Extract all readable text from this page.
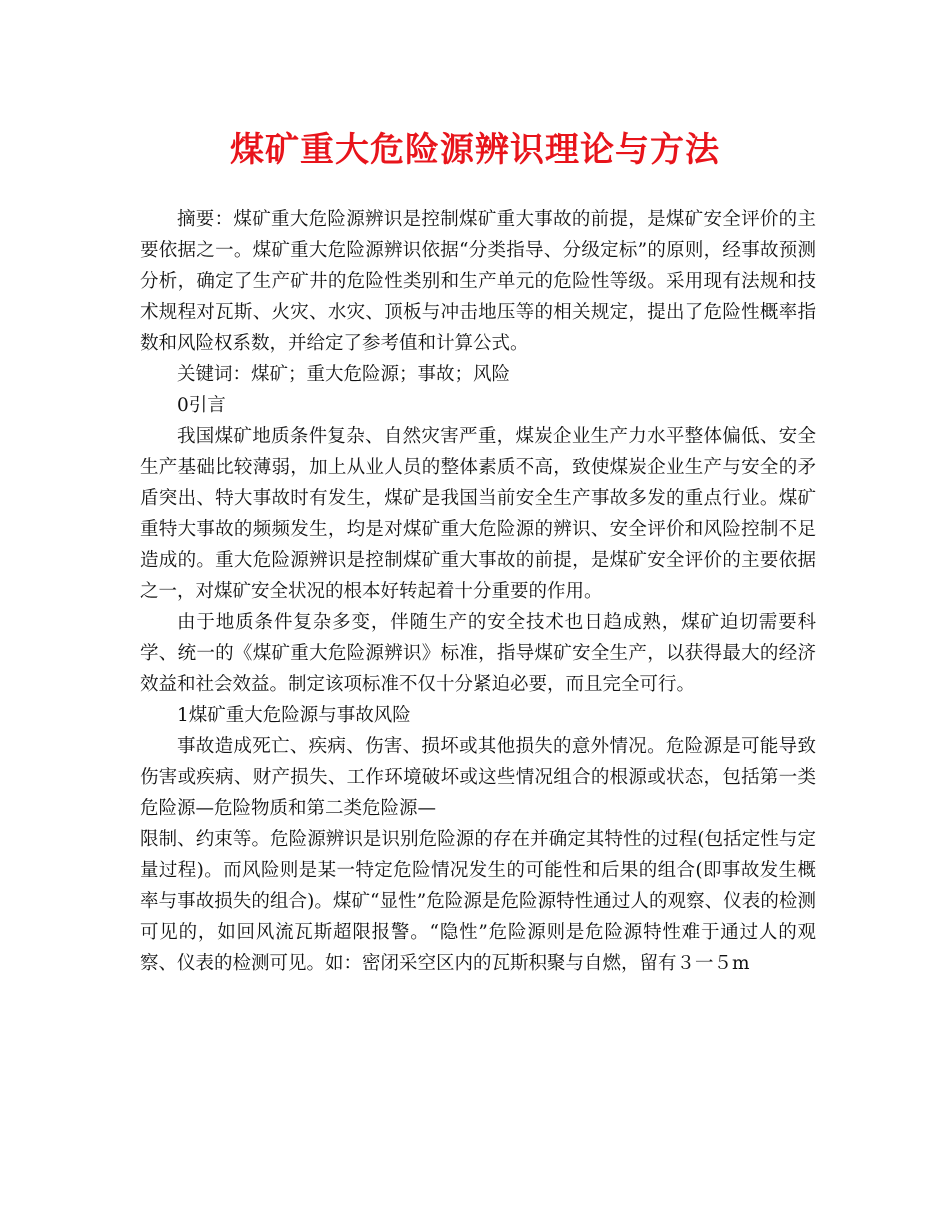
煤矿重大危险源辨识理论与方法

摘要：煤矿重大危险源辨识是控制煤矿重大事故的前提，是煤矿安全评价的主要依据之一。煤矿重大危险源辨识依据“分类指导、分级定标”的原则，经事故预测分析，确定了生产矿井的危险性类别和生产单元的危险性等级。采用现有法规和技术规程对瓦斯、火灾、水灾、顶板与冲击地压等的相关规定，提出了危险性概率指数和风险权系数，并给定了参考值和计算公式。

关键词：煤矿；重大危险源；事故；风险

0引言

我国煤矿地质条件复杂、自然灾害严重，煤炭企业生产力水平整体偏低、安全生产基础比较薄弱，加上从业人员的整体素质不高，致使煤炭企业生产与安全的矛盾突出、特大事故时有发生，煤矿是我国当前安全生产事故多发的重点行业。煤矿重特大事故的频频发生，均是对煤矿重大危险源的辨识、安全评价和风险控制不足造成的。重大危险源辨识是控制煤矿重大事故的前提，是煤矿安全评价的主要依据之一，对煤矿安全状况的根本好转起着十分重要的作用。

由于地质条件复杂多变，伴随生产的安全技术也日趋成熟，煤矿迫切需要科学、统一的《煤矿重大危险源辨识》标准，指导煤矿安全生产，以获得最大的经济效益和社会效益。制定该项标准不仅十分紧迫必要，而且完全可行。

1煤矿重大危险源与事故风险

事故造成死亡、疾病、伤害、损坏或其他损失的意外情况。危险源是可能导致伤害或疾病、财产损失、工作环境破坏或这些情况组合的根源或状态，包括第一类危险源—危险物质和第二类危险源—

限制、约束等。危险源辨识是识别危险源的存在并确定其特性的过程(包括定性与定量过程)。而风险则是某一特定危险情况发生的可能性和后果的组合(即事故发生概率与事故损失的组合)。煤矿“显性”危险源是危险源特性通过人的观察、仪表的检测可见的，如回风流瓦斯超限报警。“隐性”危险源则是危险源特性难于通过人的观察、仪表的检测可见。如：密闭采空区内的瓦斯积聚与自燃，留有３一５m
